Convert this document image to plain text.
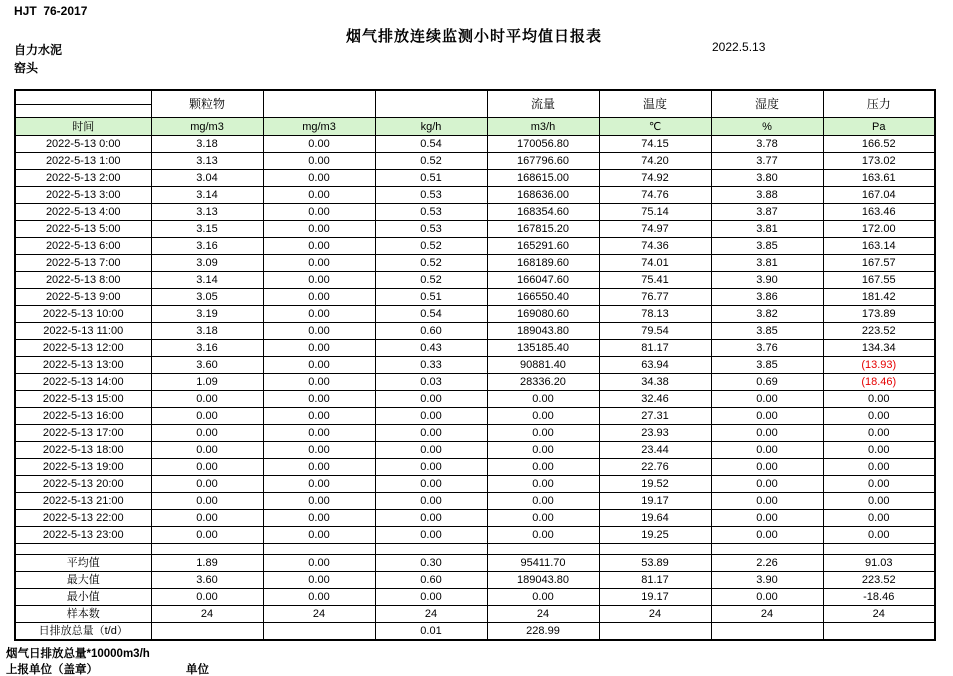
HJT  76-2017
烟气排放连续监测小时平均值日报表
2022.5.13
自力水泥
窑头
	颗粒物			流量	温度	湿度	压力

时间	mg/m3	mg/m3	kg/h	m3/h	℃	%	Pa
2022-5-13 0:00	3.18	0.00	0.54	170056.80	74.15	3.78	166.52
2022-5-13 1:00	3.13	0.00	0.52	167796.60	74.20	3.77	173.02
2022-5-13 2:00	3.04	0.00	0.51	168615.00	74.92	3.80	163.61
2022-5-13 3:00	3.14	0.00	0.53	168636.00	74.76	3.88	167.04
2022-5-13 4:00	3.13	0.00	0.53	168354.60	75.14	3.87	163.46
2022-5-13 5:00	3.15	0.00	0.53	167815.20	74.97	3.81	172.00
2022-5-13 6:00	3.16	0.00	0.52	165291.60	74.36	3.85	163.14
2022-5-13 7:00	3.09	0.00	0.52	168189.60	74.01	3.81	167.57
2022-5-13 8:00	3.14	0.00	0.52	166047.60	75.41	3.90	167.55
2022-5-13 9:00	3.05	0.00	0.51	166550.40	76.77	3.86	181.42
2022-5-13 10:00	3.19	0.00	0.54	169080.60	78.13	3.82	173.89
2022-5-13 11:00	3.18	0.00	0.60	189043.80	79.54	3.85	223.52
2022-5-13 12:00	3.16	0.00	0.43	135185.40	81.17	3.76	134.34
2022-5-13 13:00	3.60	0.00	0.33	90881.40	63.94	3.85	(13.93)
2022-5-13 14:00	1.09	0.00	0.03	28336.20	34.38	0.69	(18.46)
2022-5-13 15:00	0.00	0.00	0.00	0.00	32.46	0.00	0.00
2022-5-13 16:00	0.00	0.00	0.00	0.00	27.31	0.00	0.00
2022-5-13 17:00	0.00	0.00	0.00	0.00	23.93	0.00	0.00
2022-5-13 18:00	0.00	0.00	0.00	0.00	23.44	0.00	0.00
2022-5-13 19:00	0.00	0.00	0.00	0.00	22.76	0.00	0.00
2022-5-13 20:00	0.00	0.00	0.00	0.00	19.52	0.00	0.00
2022-5-13 21:00	0.00	0.00	0.00	0.00	19.17	0.00	0.00
2022-5-13 22:00	0.00	0.00	0.00	0.00	19.64	0.00	0.00
2022-5-13 23:00	0.00	0.00	0.00	0.00	19.25	0.00	0.00

平均值	1.89	0.00	0.30	95411.70	53.89	2.26	91.03
最大值	3.60	0.00	0.60	189043.80	81.17	3.90	223.52
最小值	0.00	0.00	0.00	0.00	19.17	0.00	-18.46
样本数	24	24	24	24	24	24	24
日排放总量（t/d）			0.01	228.99			
烟气日排放总量*10000m3/h
上报单位（盖章）	单位
